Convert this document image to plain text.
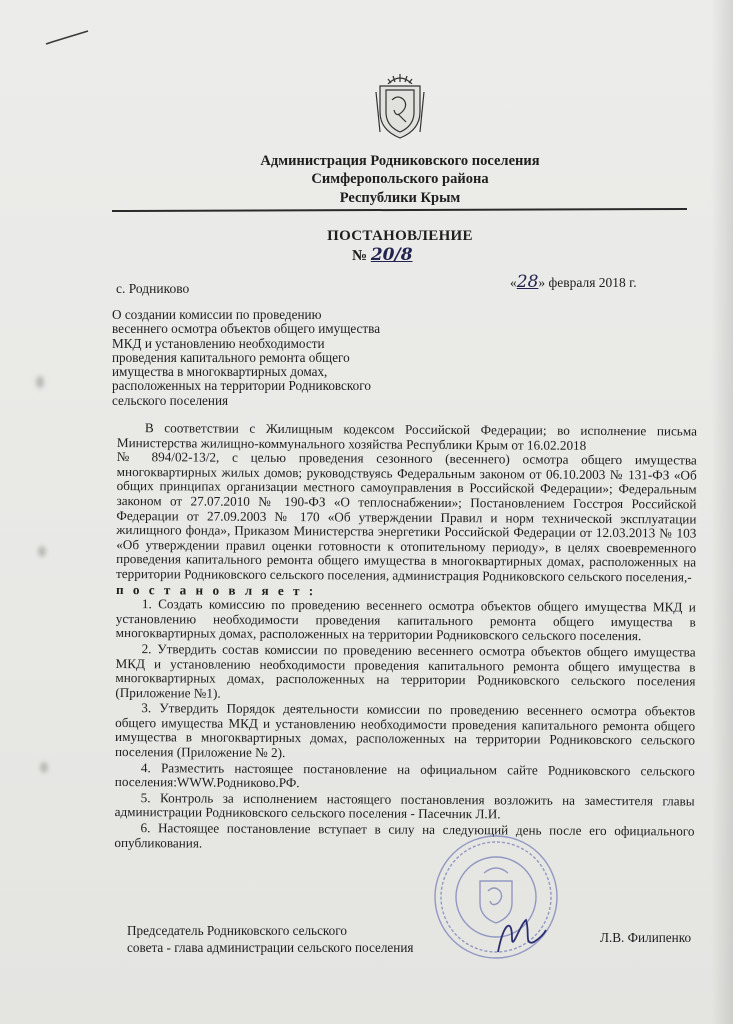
Администрация Родниковского поселения
Симферопольского района
Республики Крым
ПОСТАНОВЛЕНИЕ
№ 20/8
с. Родниково	«28» февраля 2018 г.
О создании комиссии по проведению
весеннего осмотра объектов общего имущества
МКД и установлению необходимости
проведения капитального ремонта общего
имущества в многоквартирных домах,
расположенных на территории Родниковского
сельского поселения

В соответствии с Жилищным кодексом Российской Федерации; во исполнение письма Министерства жилищно-коммунального хозяйства Республики Крым от 16.02.2018

№ 894/02-13/2, с целью проведения сезонного (весеннего) осмотра общего имущества многоквартирных жилых домов; руководствуясь Федеральным законом от 06.10.2003 № 131-ФЗ «Об общих принципах организации местного самоуправления в Российской Федерации»; Федеральным законом от 27.07.2010 № 190-ФЗ «О теплоснабжении»; Постановлением Госстроя Российской Федерации от 27.09.2003 № 170 «Об утверждении Правил и норм технической эксплуатации жилищного фонда», Приказом Министерства энергетики Российской Федерации от 12.03.2013 № 103 «Об утверждении правил оценки готовности к отопительному периоду», в целях своевременного проведения капитального ремонта общего имущества в многоквартирных домах, расположенных на территории Родниковского сельского поселения, администрация Родниковского сельского поселения,-

п о с т а н о в л я е т :

1. Создать комиссию по проведению весеннего осмотра объектов общего имущества МКД и установлению необходимости проведения капитального ремонта общего имущества в многоквартирных домах, расположенных на территории Родниковского сельского поселения.

2. Утвердить состав комиссии по проведению весеннего осмотра объектов общего имущества МКД и установлению необходимости проведения капитального ремонта общего имущества в многоквартирных домах, расположенных на территории Родниковского сельского поселения (Приложение №1).

3. Утвердить Порядок деятельности комиссии по проведению весеннего осмотра объектов общего имущества МКД и установлению необходимости проведения капитального ремонта общего имущества в многоквартирных домах, расположенных на территории Родниковского сельского поселения (Приложение № 2).

4. Разместить настоящее постановление на официальном сайте Родниковского сельского поселения:WWW.Родниково.РФ.

5. Контроль за исполнением настоящего постановления возложить на заместителя главы администрации Родниковского сельского поселения - Пасечник Л.И.

6. Настоящее постановление вступает в силу на следующий день после его официального опубликования.

Председатель Родниковского сельского
совета - глава администрации сельского поселения
Л.В. Филипенко
